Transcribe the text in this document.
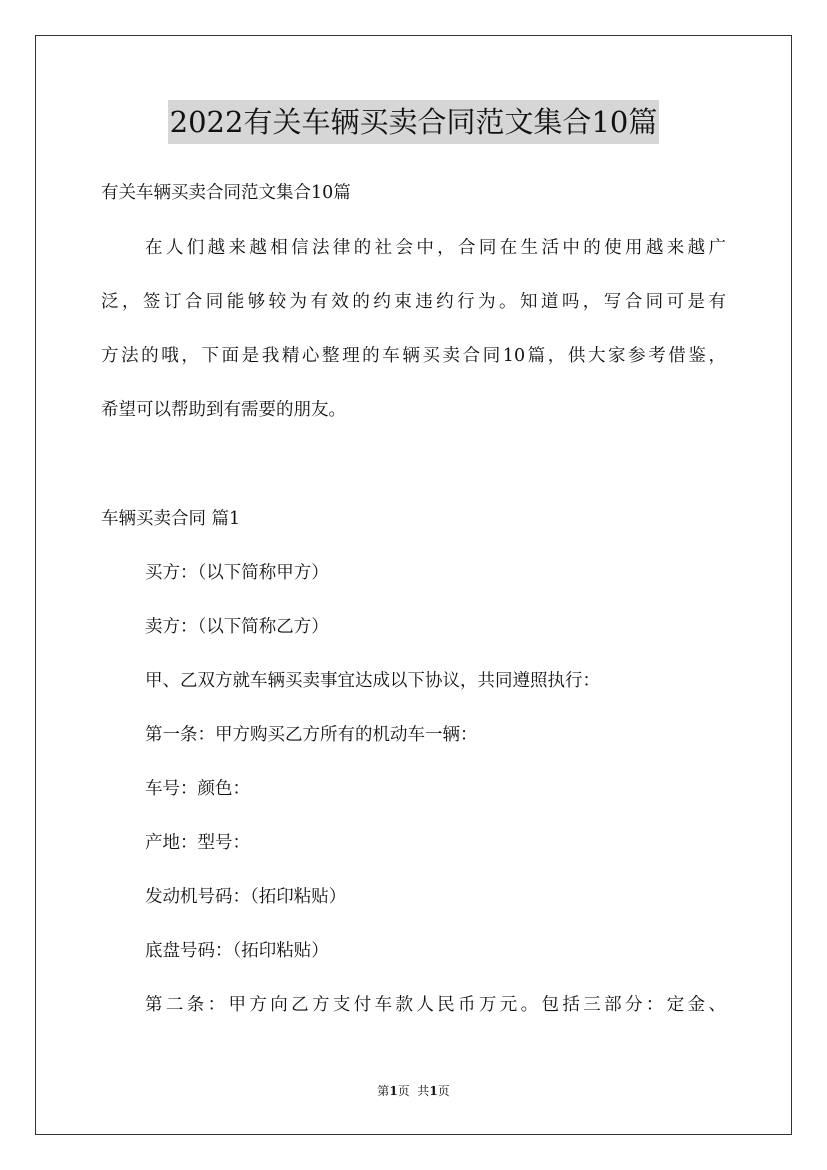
2022有关车辆买卖合同范文集合10篇
有关车辆买卖合同范文集合10篇
在人们越来越相信法律的社会中，合同在生活中的使用越来越广
泛，签订合同能够较为有效的约束违约行为。知道吗，写合同可是有
方法的哦，下面是我精心整理的车辆买卖合同10篇，供大家参考借鉴，
希望可以帮助到有需要的朋友。
车辆买卖合同 篇1
买方：（以下简称甲方）
卖方：（以下简称乙方）
甲、乙双方就车辆买卖事宜达成以下协议，共同遵照执行：
第一条：甲方购买乙方所有的机动车一辆：
车号：颜色：
产地：型号：
发动机号码：（拓印粘贴）
底盘号码：（拓印粘贴）
第二条：甲方向乙方支付车款人民币万元。包括三部分：定金、
第1页  共1页
